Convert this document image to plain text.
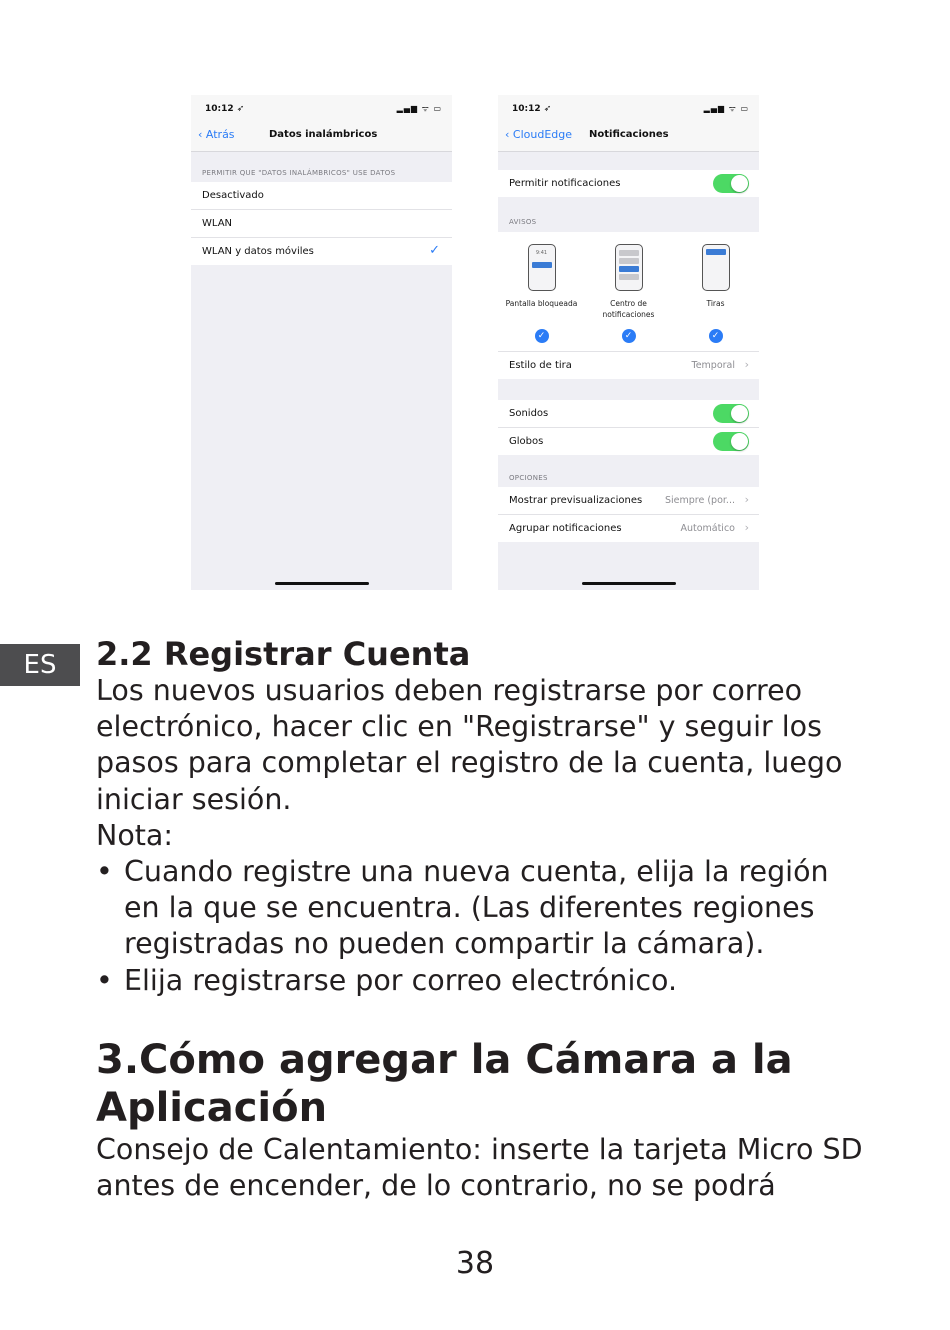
10:12 ➶	▂▄▆ ᯤ ▭
‹ Atrás	Datos inalámbricos
PERMITIR QUE "DATOS INALÁMBRICOS" USE DATOS
Desactivado
WLAN
WLAN y datos móviles	✓
10:12 ➶	▂▄▆ ᯤ ▭
‹ CloudEdge Notificaciones
Permitir notificaciones
AVISOS
9:41
Pantalla bloqueada
✓
Centro de notificaciones
✓
Tiras
✓
Estilo de tira	Temporal ›
Sonidos
Globos
OPCIONES
Mostrar previsualizaciones Siempre (por... ›
Agrupar notificaciones	Automático ›
ES	2.2 Registrar Cuenta
Los nuevos usuarios deben registrarse por correo electrónico, hacer clic en "Registrarse" y seguir los pasos para completar el registro de la cuenta, luego iniciar sesión.
Nota:
• Cuando registre una nueva cuenta, elija la región en la que se encuentra. (Las diferentes regiones registradas no pueden compartir la cámara).
• Elija registrarse por correo electrónico.
3.Cómo agregar la Cámara a la Aplicación
Consejo de Calentamiento: inserte la tarjeta Micro SD antes de encender, de lo contrario, no se podrá
38
